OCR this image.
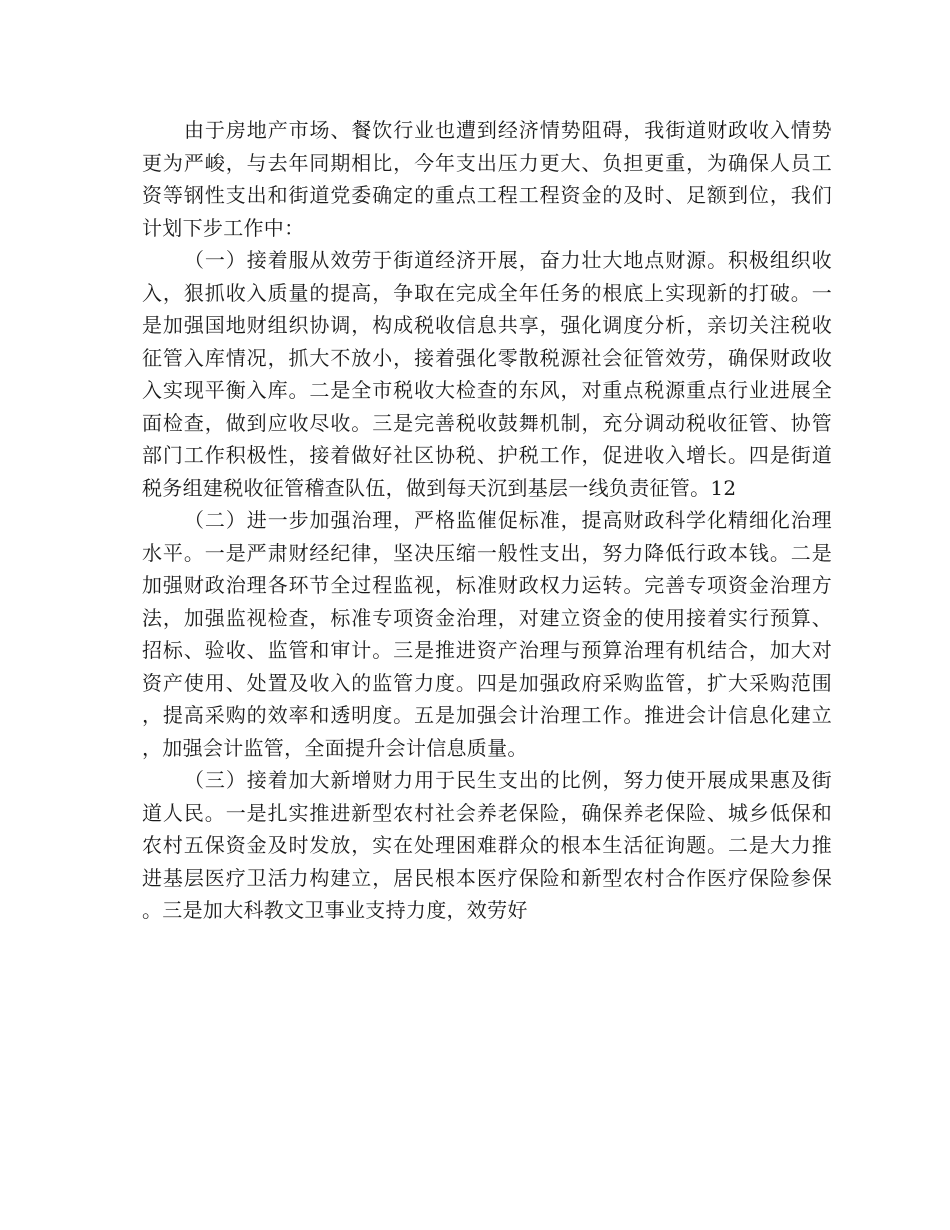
由于房地产市场、餐饮行业也遭到经济情势阻碍，我街道财政收入情势更为严峻，与去年同期相比，今年支出压力更大、负担更重，为确保人员工资等钢性支出和街道党委确定的重点工程工程资金的及时、足额到位，我们计划下步工作中：

（一）接着服从效劳于街道经济开展，奋力壮大地点财源。积极组织收入，狠抓收入质量的提高，争取在完成全年任务的根底上实现新的打破。一是加强国地财组织协调，构成税收信息共享，强化调度分析，亲切关注税收征管入库情况，抓大不放小，接着强化零散税源社会征管效劳，确保财政收入实现平衡入库。二是全市税收大检查的东风，对重点税源重点行业进展全面检查，做到应收尽收。三是完善税收鼓舞机制，充分调动税收征管、协管部门工作积极性，接着做好社区协税、护税工作，促进收入增长。四是街道税务组建税收征管稽查队伍，做到每天沉到基层一线负责征管。12

（二）进一步加强治理，严格监催促标准，提高财政科学化精细化治理水平。一是严肃财经纪律，坚决压缩一般性支出，努力降低行政本钱。二是加强财政治理各环节全过程监视，标准财政权力运转。完善专项资金治理方法，加强监视检查，标准专项资金治理，对建立资金的使用接着实行预算、招标、验收、监管和审计。三是推进资产治理与预算治理有机结合，加大对资产使用、处置及收入的监管力度。四是加强政府采购监管，扩大采购范围，提高采购的效率和透明度。五是加强会计治理工作。推进会计信息化建立，加强会计监管，全面提升会计信息质量。

（三）接着加大新增财力用于民生支出的比例，努力使开展成果惠及街道人民。一是扎实推进新型农村社会养老保险，确保养老保险、城乡低保和农村五保资金及时发放，实在处理困难群众的根本生活征询题。二是大力推进基层医疗卫活力构建立，居民根本医疗保险和新型农村合作医疗保险参保。三是加大科教文卫事业支持力度，效劳好
